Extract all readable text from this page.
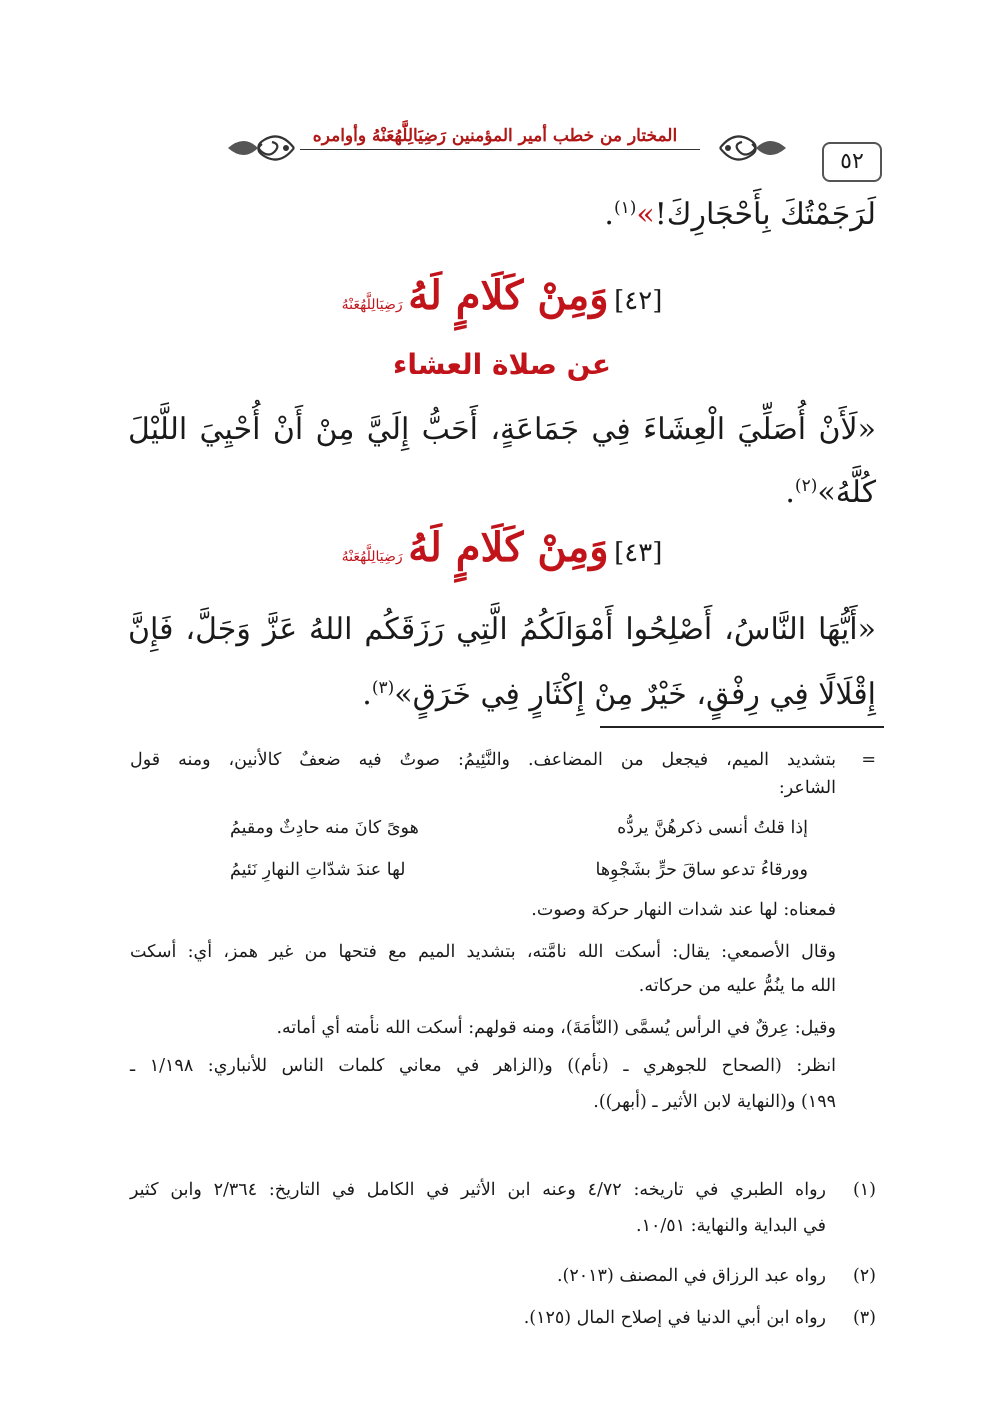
٥٢
المختار من خطب أمير المؤمنين رَضِيَالِلَّهُعَنْهُ وأوامره
لَرَجَمْتُكَ بِأَحْجَارِكَ!»$^{(١)}$.
[٤٢] وَمِنْ كَلَامٍ لَهُ رَضِيَالِلَّهُعَنْهُ
عن صلاة العشاء
«لَأَنْ أُصَلِّيَ الْعِشَاءَ فِي جَمَاعَةٍ، أَحَبُّ إِلَيَّ مِنْ أَنْ أُحْيِيَ اللَّيْلَ
كُلَّهُ»$^{(٢)}$.
[٤٣] وَمِنْ كَلَامٍ لَهُ رَضِيَالِلَّهُعَنْهُ
«أَيُّهَا النَّاسُ، أَصْلِحُوا أَمْوَالَكُمُ الَّتِي رَزَقَكُم اللهُ عَزَّ وَجَلَّ، فَإِنَّ
إِقْلَالًا فِي رِفْقٍ، خَيْرٌ مِنْ إِكْثَارٍ فِي خَرَقٍ»$^{(٣)}$.
=
بتشديد الميم، فيجعل من المضاعف. والنَّئِيمُ: صوتٌ فيه ضعفٌ كالأنين، ومنه قول
الشاعر:
إذا قلتُ أنسى ذكرهُنَّ يردُّه
هوىً كانَ منه حادِثٌ ومقيمُ
وورقاءُ تدعو ساقَ حرٍّ بشَجْوِها
لها عندَ شدّاتِ النهارِ نَئيمُ
فمعناه: لها عند شدات النهار حركة وصوت.
وقال الأصمعي: يقال: أسكت الله نامَّته، بتشديد الميم مع فتحها من غير همز، أي: أسكت
الله ما ينُمُّ عليه من حركاته.
وقيل: عِرقٌ في الرأس يُسمَّى (النّأمَةَ)، ومنه قولهم: أسكت الله نأمته أي أماته.
انظر: (الصحاح للجوهري ـ (نأم)) و(الزاهر في معاني كلمات الناس للأنباري: ١/١٩٨ ـ
١٩٩) و(النهاية لابن الأثير ـ (أبهر)).
(١)
رواه الطبري في تاريخه: ٤/٧٢ وعنه ابن الأثير في الكامل في التاريخ: ٢/٣٦٤ وابن كثير
في البداية والنهاية: ١٠/٥١.
(٢)
رواه عبد الرزاق في المصنف (٢٠١٣).
(٣)
رواه ابن أبي الدنيا في إصلاح المال (١٢٥).
